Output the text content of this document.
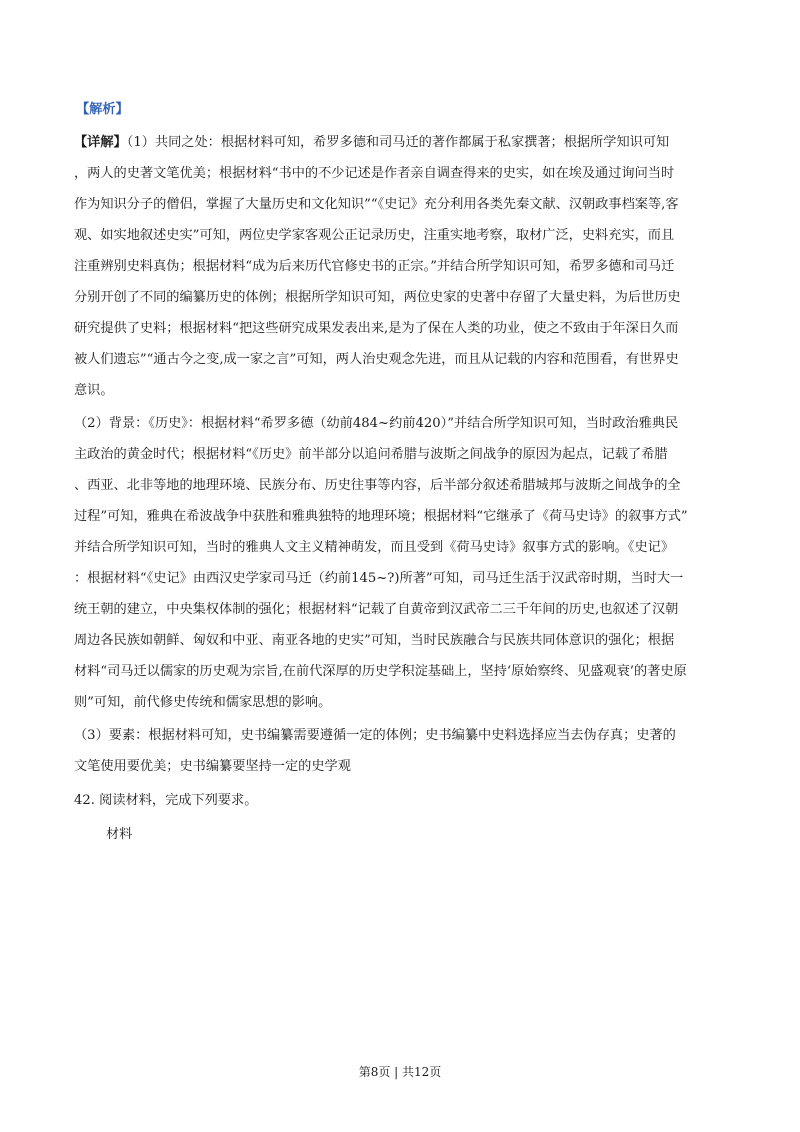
【解析】
【详解】（1）共同之处：根据材料可知，希罗多德和司马迁的著作都属于私家撰著；根据所学知识可知
，两人的史著文笔优美；根据材料“书中的不少记述是作者亲自调查得来的史实，如在埃及通过询问当时
作为知识分子的僧侣，掌握了大量历史和文化知识”“《史记》充分利用各类先秦文献、汉朝政事档案等,客
观、如实地叙述史实”可知，两位史学家客观公正记录历史，注重实地考察，取材广泛，史料充实，而且
注重辨别史料真伪；根据材料“成为后来历代官修史书的正宗。”并结合所学知识可知，希罗多德和司马迁
分别开创了不同的编纂历史的体例；根据所学知识可知，两位史家的史著中存留了大量史料，为后世历史
研究提供了史料；根据材料“把这些研究成果发表出来,是为了保在人类的功业，使之不致由于年深日久而
被人们遗忘”“通古今之变,成一家之言”可知，两人治史观念先进，而且从记载的内容和范围看，有世界史
意识。
（2）背景：《历史》：根据材料“希罗多德（幼前484~约前420）”并结合所学知识可知，当时政治雅典民
主政治的黄金时代；根据材料“《历史》前半部分以追问希腊与波斯之间战争的原因为起点，记载了希腊
、西亚、北非等地的地理环境、民族分布、历史往事等内容，后半部分叙述希腊城邦与波斯之间战争的全
过程”可知，雅典在希波战争中获胜和雅典独特的地理环境；根据材料“它继承了《荷马史诗》的叙事方式”
并结合所学知识可知，当时的雅典人文主义精神萌发，而且受到《荷马史诗》叙事方式的影响。《史记》
：根据材料“《史记》由西汉史学家司马迁（约前145~?)所著”可知，司马迁生活于汉武帝时期，当时大一
统王朝的建立，中央集权体制的强化；根据材料“记载了自黄帝到汉武帝二三千年间的历史,也叙述了汉朝
周边各民族如朝鲜、匈奴和中亚、南亚各地的史实”可知，当时民族融合与民族共同体意识的强化；根据
材料“司马迁以儒家的历史观为宗旨,在前代深厚的历史学积淀基础上，坚持‘原始察终、见盛观衰’的著史原
则”可知，前代修史传统和儒家思想的影响。
（3）要素：根据材料可知，史书编纂需要遵循一定的体例；史书编纂中史料选择应当去伪存真；史著的
文笔使用要优美；史书编纂要坚持一定的史学观
42. 阅读材料，完成下列要求。
材料
第8页 | 共12页
